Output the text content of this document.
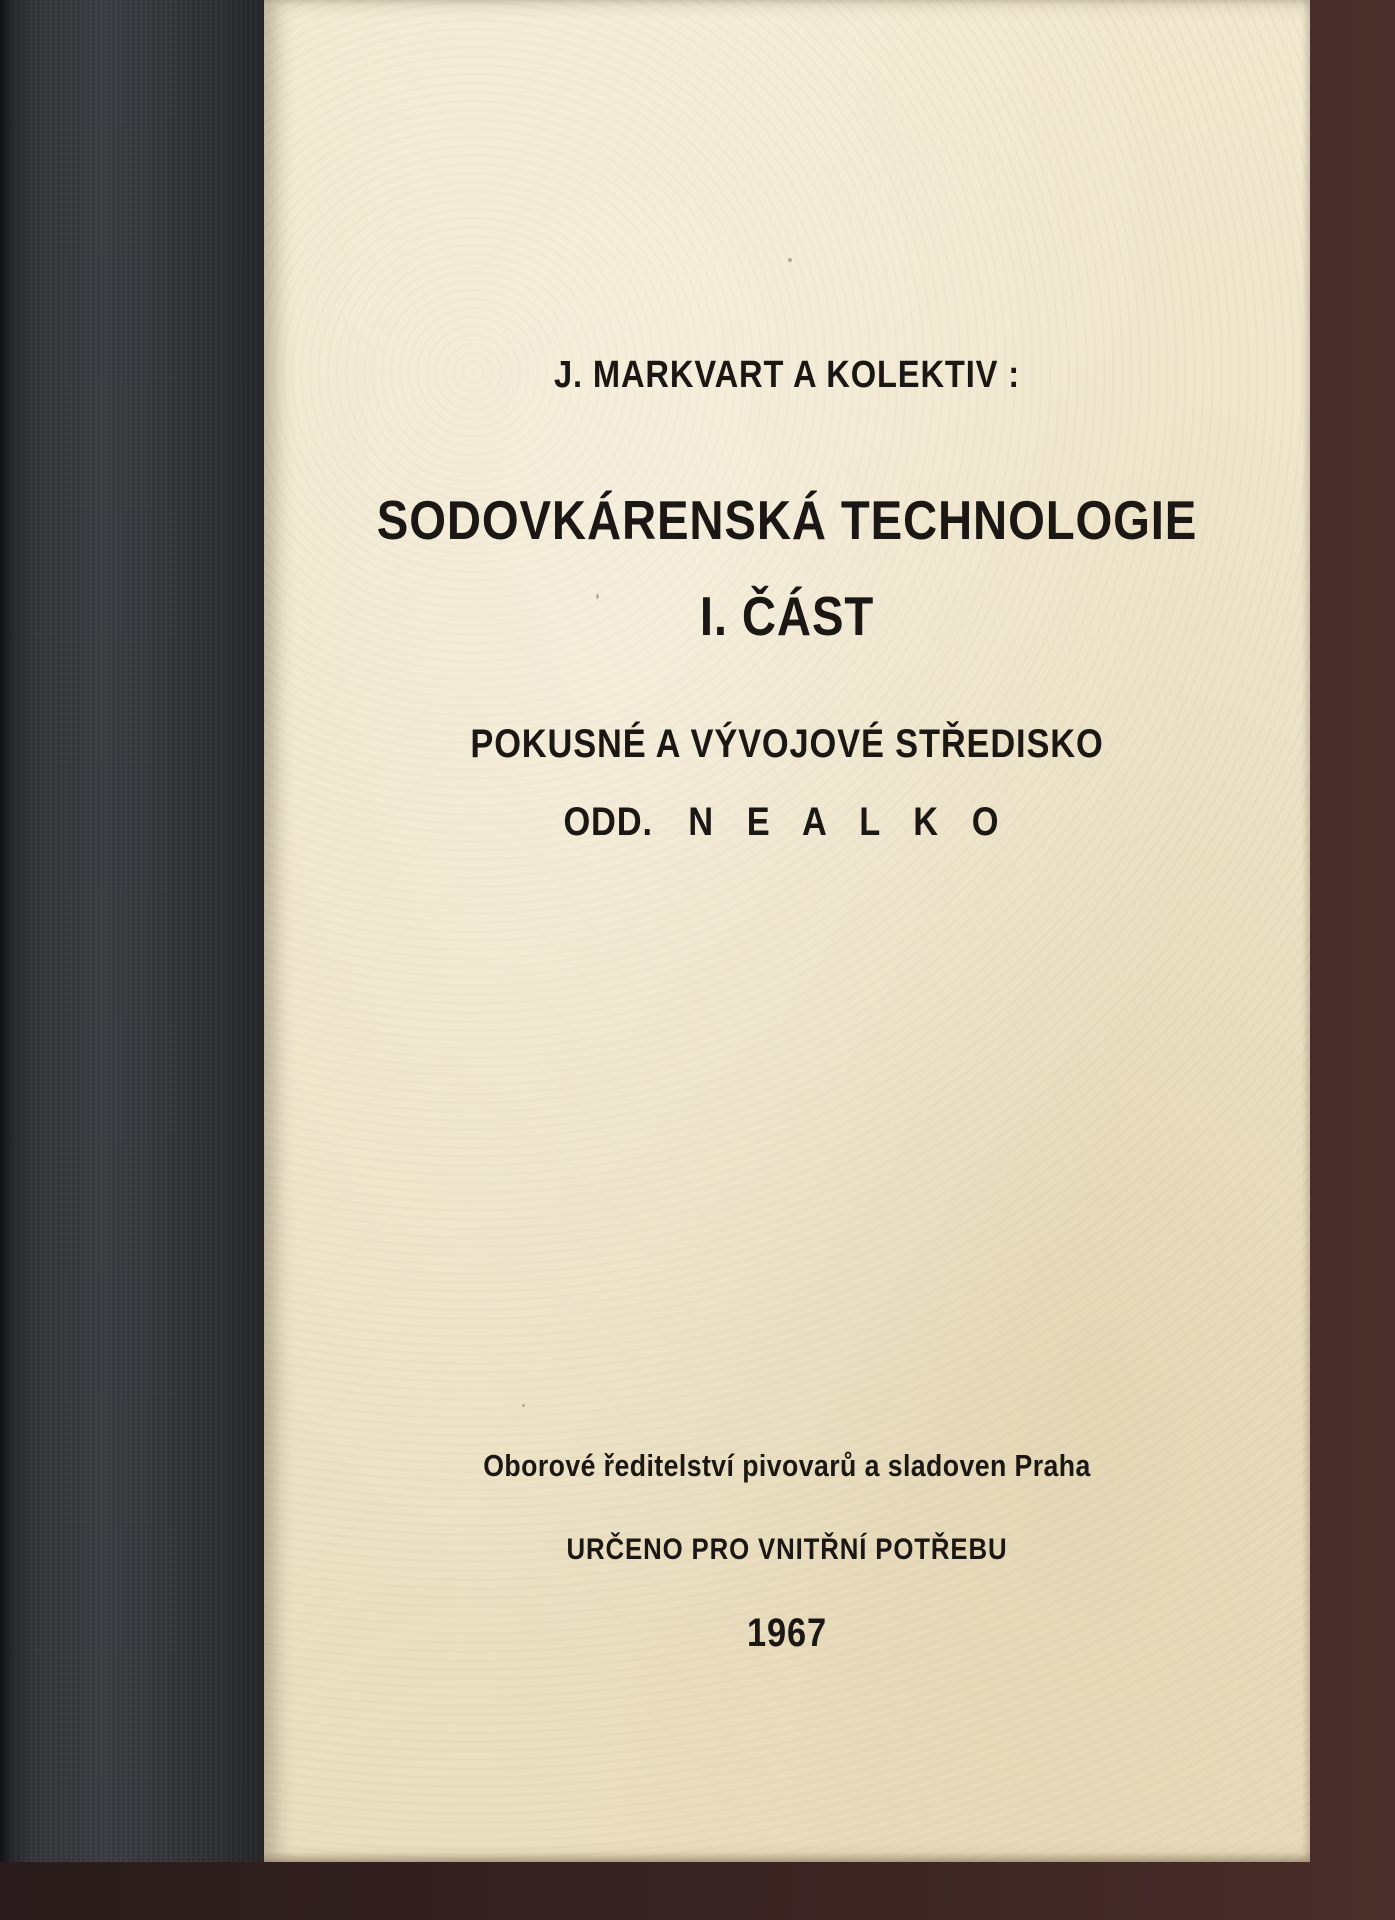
J. MARKVART A KOLEKTIV :
SODOVKÁRENSKÁ TECHNOLOGIE
I. ČÁST
POKUSNÉ A VÝVOJOVÉ STŘEDISKO
ODD. N E A L K O
Oborové ředitelství pivovarů a sladoven Praha
URČENO PRO VNITŘNÍ POTŘEBU
1967
